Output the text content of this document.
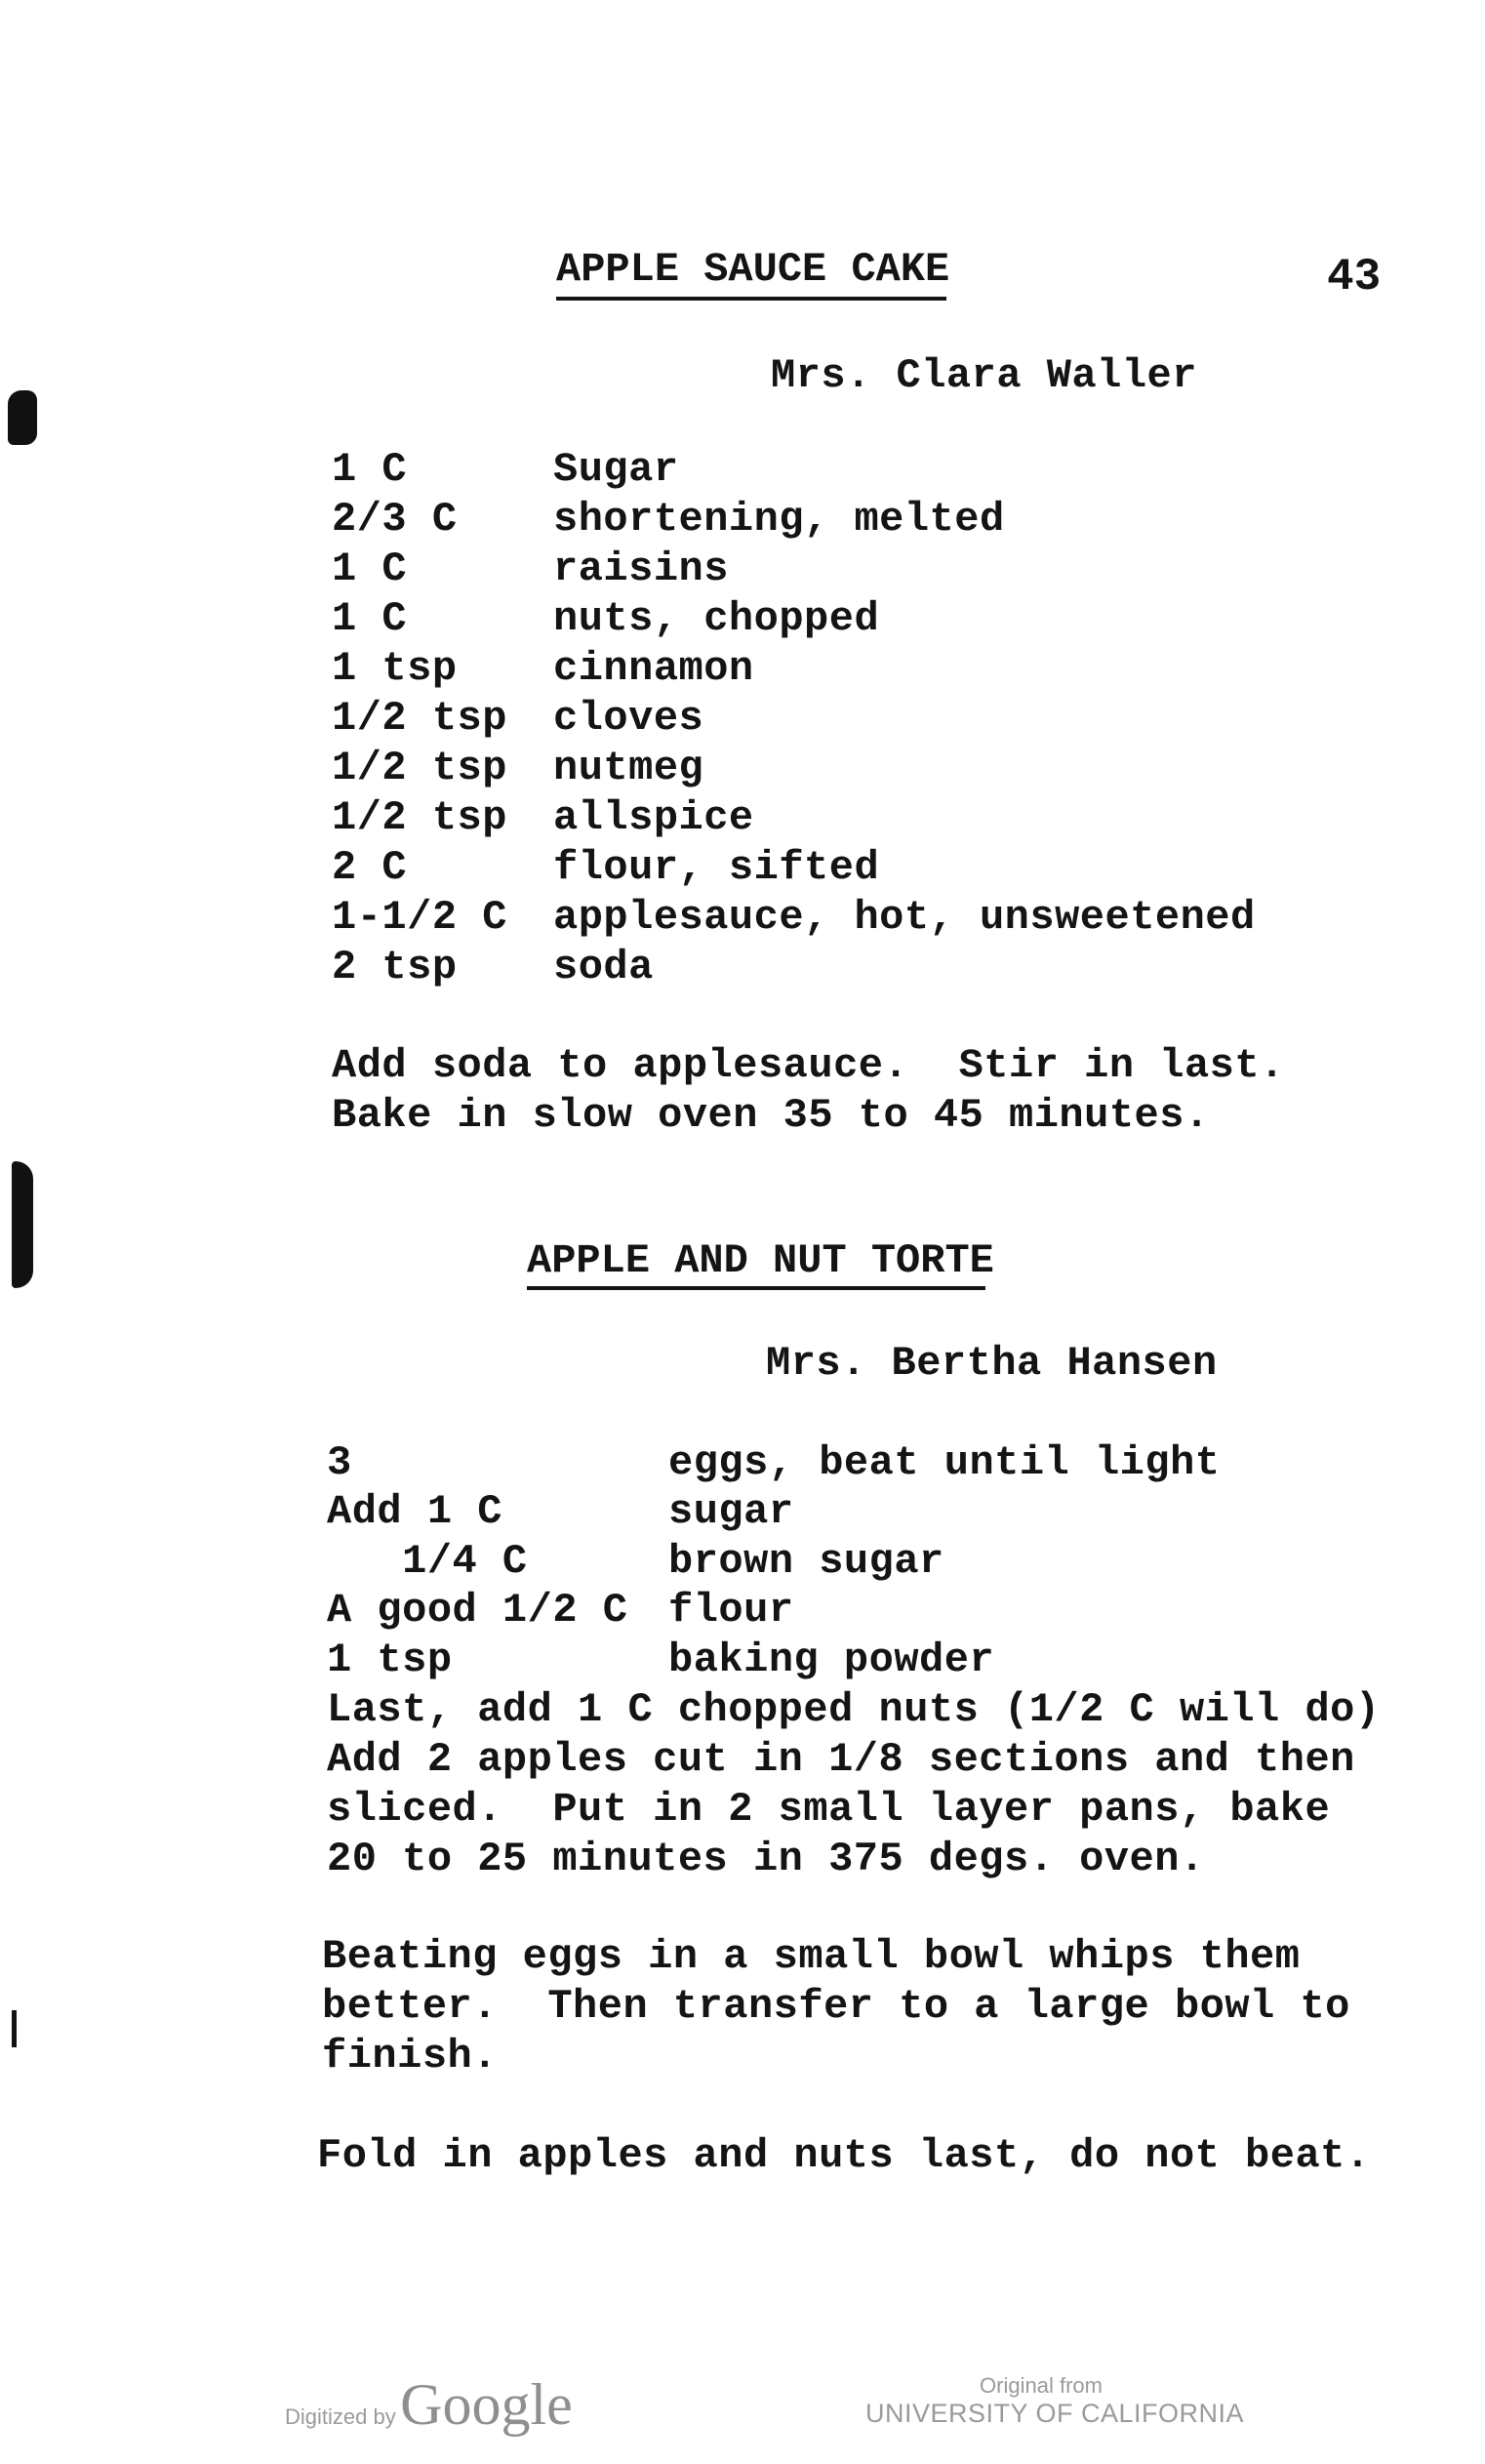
43
APPLE SAUCE CAKE
Mrs. Clara Waller
1 C	Sugar
2/3 C shortening, melted
1 C	raisins
1 C	nuts, chopped
1 tsp cinnamon
1/2 tsp cloves
1/2 tsp nutmeg
1/2 tsp allspice
2 C	flour, sifted
1-1/2 C applesauce, hot, unsweetened
2 tsp soda
Add soda to applesauce.  Stir in last.
Bake in slow oven 35 to 45 minutes.
APPLE AND NUT TORTE
Mrs. Bertha Hansen
3	eggs, beat until light
Add 1 C	sugar
1/4 C	brown sugar
A good 1/2 C flour
1 tsp	baking powder
Last, add 1 C chopped nuts (1/2 C will do)
Add 2 apples cut in 1/8 sections and then
sliced.  Put in 2 small layer pans, bake
20 to 25 minutes in 375 degs. oven.
Beating eggs in a small bowl whips them
better.  Then transfer to a large bowl to
finish.
Fold in apples and nuts last, do not beat.
Digitized by Google	Original from
UNIVERSITY OF CALIFORNIA
